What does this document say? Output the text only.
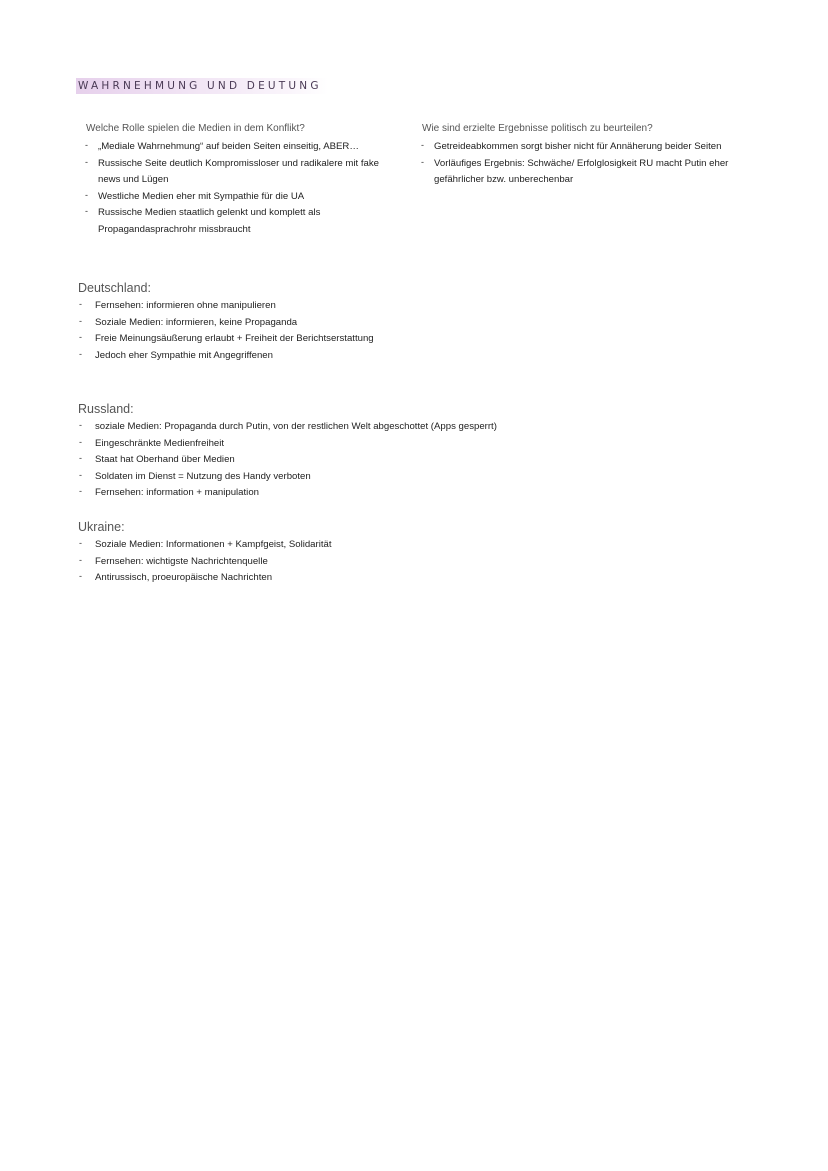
WAHRNEHMUNG UND DEUTUNG
Welche Rolle spielen die Medien in dem Konflikt?
- „Mediale Wahrnehmung“ auf beiden Seiten einseitig, ABER…
- Russische Seite deutlich Kompromissloser und radikalere mit fake news und Lügen
- Westliche Medien eher mit Sympathie für die UA
- Russische Medien staatlich gelenkt und komplett als Propagandasprachrohr missbraucht
Wie sind erzielte Ergebnisse politisch zu beurteilen?
- Getreideabkommen sorgt bisher nicht für Annäherung beider Seiten
- Vorläufiges Ergebnis: Schwäche/ Erfolglosigkeit RU macht Putin eher gefährlicher bzw. unberechenbar
Deutschland:
- Fernsehen: informieren ohne manipulieren
- Soziale Medien: informieren, keine Propaganda
- Freie Meinungsäußerung erlaubt + Freiheit der Berichtserstattung
- Jedoch eher Sympathie mit Angegriffenen
Russland:
- soziale Medien: Propaganda durch Putin, von der restlichen Welt abgeschottet (Apps gesperrt)
- Eingeschränkte Medienfreiheit
- Staat hat Oberhand über Medien
- Soldaten im Dienst = Nutzung des Handy verboten
- Fernsehen: information + manipulation
Ukraine:
- Soziale Medien: Informationen + Kampfgeist, Solidarität
- Fernsehen: wichtigste Nachrichtenquelle
- Antirussisch, proeuropäische Nachrichten
